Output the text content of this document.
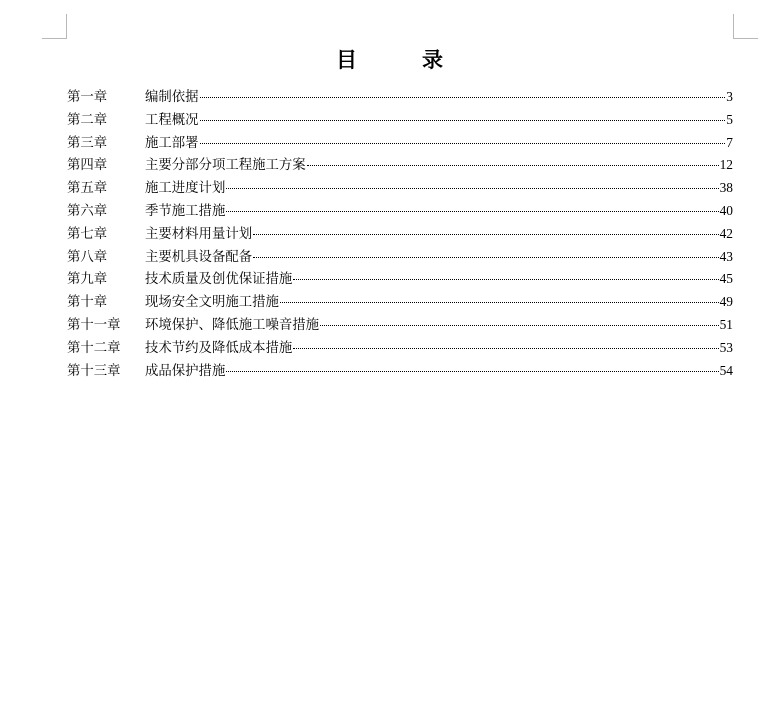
目　录
第一章	编制依据	3
第二章	工程概况	5
第三章	施工部署	7
第四章	主要分部分项工程施工方案	12
第五章	施工进度计划	38
第六章	季节施工措施	40
第七章	主要材料用量计划	42
第八章	主要机具设备配备	43
第九章	技术质量及创优保证措施	45
第十章	现场安全文明施工措施	49
第十一章	环境保护、降低施工噪音措施	51
第十二章	技术节约及降低成本措施	53
第十三章	成品保护措施	54
